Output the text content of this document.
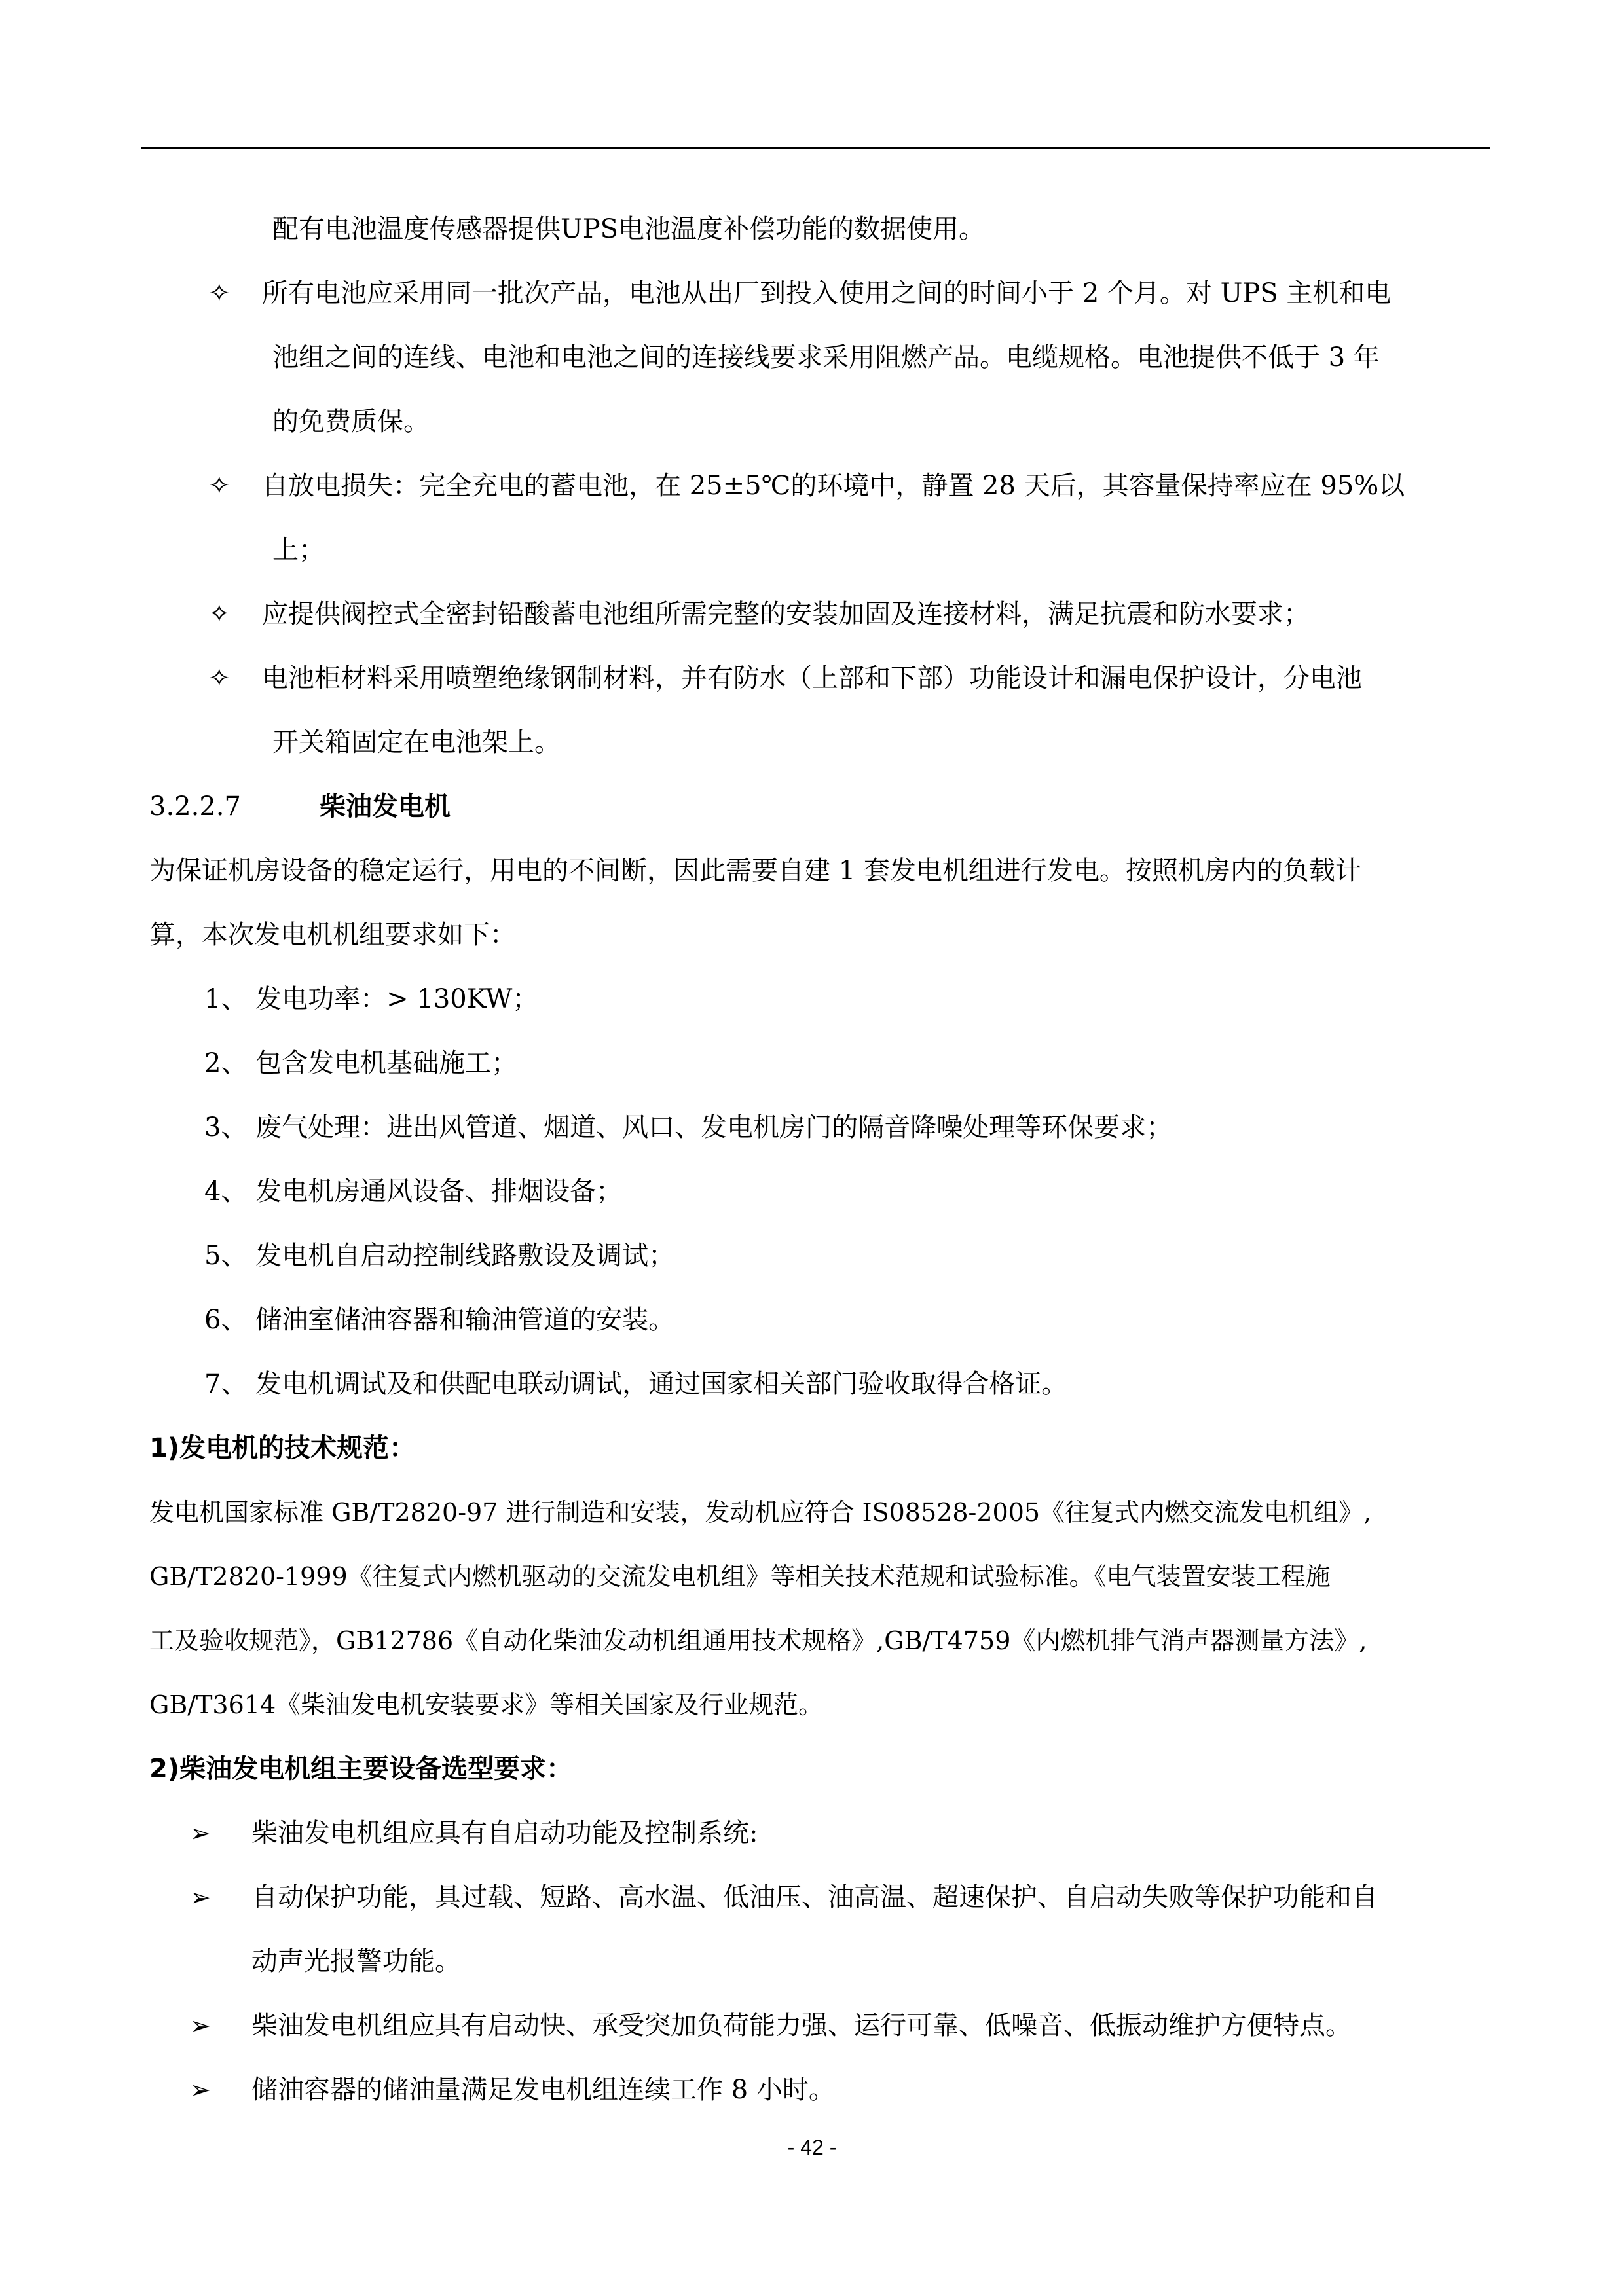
配有电池温度传感器提供UPS电池温度补偿功能的数据使用。
✧ 所有电池应采用同一批次产品，电池从出厂到投入使用之间的时间小于 2 个月。对 UPS 主机和电
池组之间的连线、电池和电池之间的连接线要求采用阻燃产品。电缆规格。电池提供不低于 3 年
的免费质保。
✧ 自放电损失：完全充电的蓄电池，在 25±5℃的环境中，静置 28 天后，其容量保持率应在 95%以
上；
✧ 应提供阀控式全密封铅酸蓄电池组所需完整的安装加固及连接材料，满足抗震和防水要求；
✧ 电池柜材料采用喷塑绝缘钢制材料，并有防水（上部和下部）功能设计和漏电保护设计，分电池
开关箱固定在电池架上。
3.2.2.7	柴油发电机
为保证机房设备的稳定运行，用电的不间断，因此需要自建 1 套发电机组进行发电。按照机房内的负载计
算，本次发电机机组要求如下：
1、 发电功率：> 130KW；
2、 包含发电机基础施工；
3、 废气处理：进出风管道、烟道、风口、发电机房门的隔音降噪处理等环保要求；
4、 发电机房通风设备、排烟设备；
5、 发电机自启动控制线路敷设及调试；
6、 储油室储油容器和输油管道的安装。
7、 发电机调试及和供配电联动调试，通过国家相关部门验收取得合格证。
1)发电机的技术规范：
发电机国家标准 GB/T2820-97 进行制造和安装，发动机应符合 IS08528-2005《往复式内燃交流发电机组》,
GB/T2820-1999《往复式内燃机驱动的交流发电机组》等相关技术范规和试验标准。《电气装置安装工程施
工及验收规范》，GB12786《自动化柴油发动机组通用技术规格》,GB/T4759《内燃机排气消声器测量方法》,
GB/T3614《柴油发电机安装要求》等相关国家及行业规范。
2)柴油发电机组主要设备选型要求：
➢ 柴油发电机组应具有自启动功能及控制系统:
➢ 自动保护功能，具过载、短路、高水温、低油压、油高温、超速保护、自启动失败等保护功能和自
动声光报警功能。
➢ 柴油发电机组应具有启动快、承受突加负荷能力强、运行可靠、低噪音、低振动维护方便特点。
➢ 储油容器的储油量满足发电机组连续工作 8 小时。
- 42 -
